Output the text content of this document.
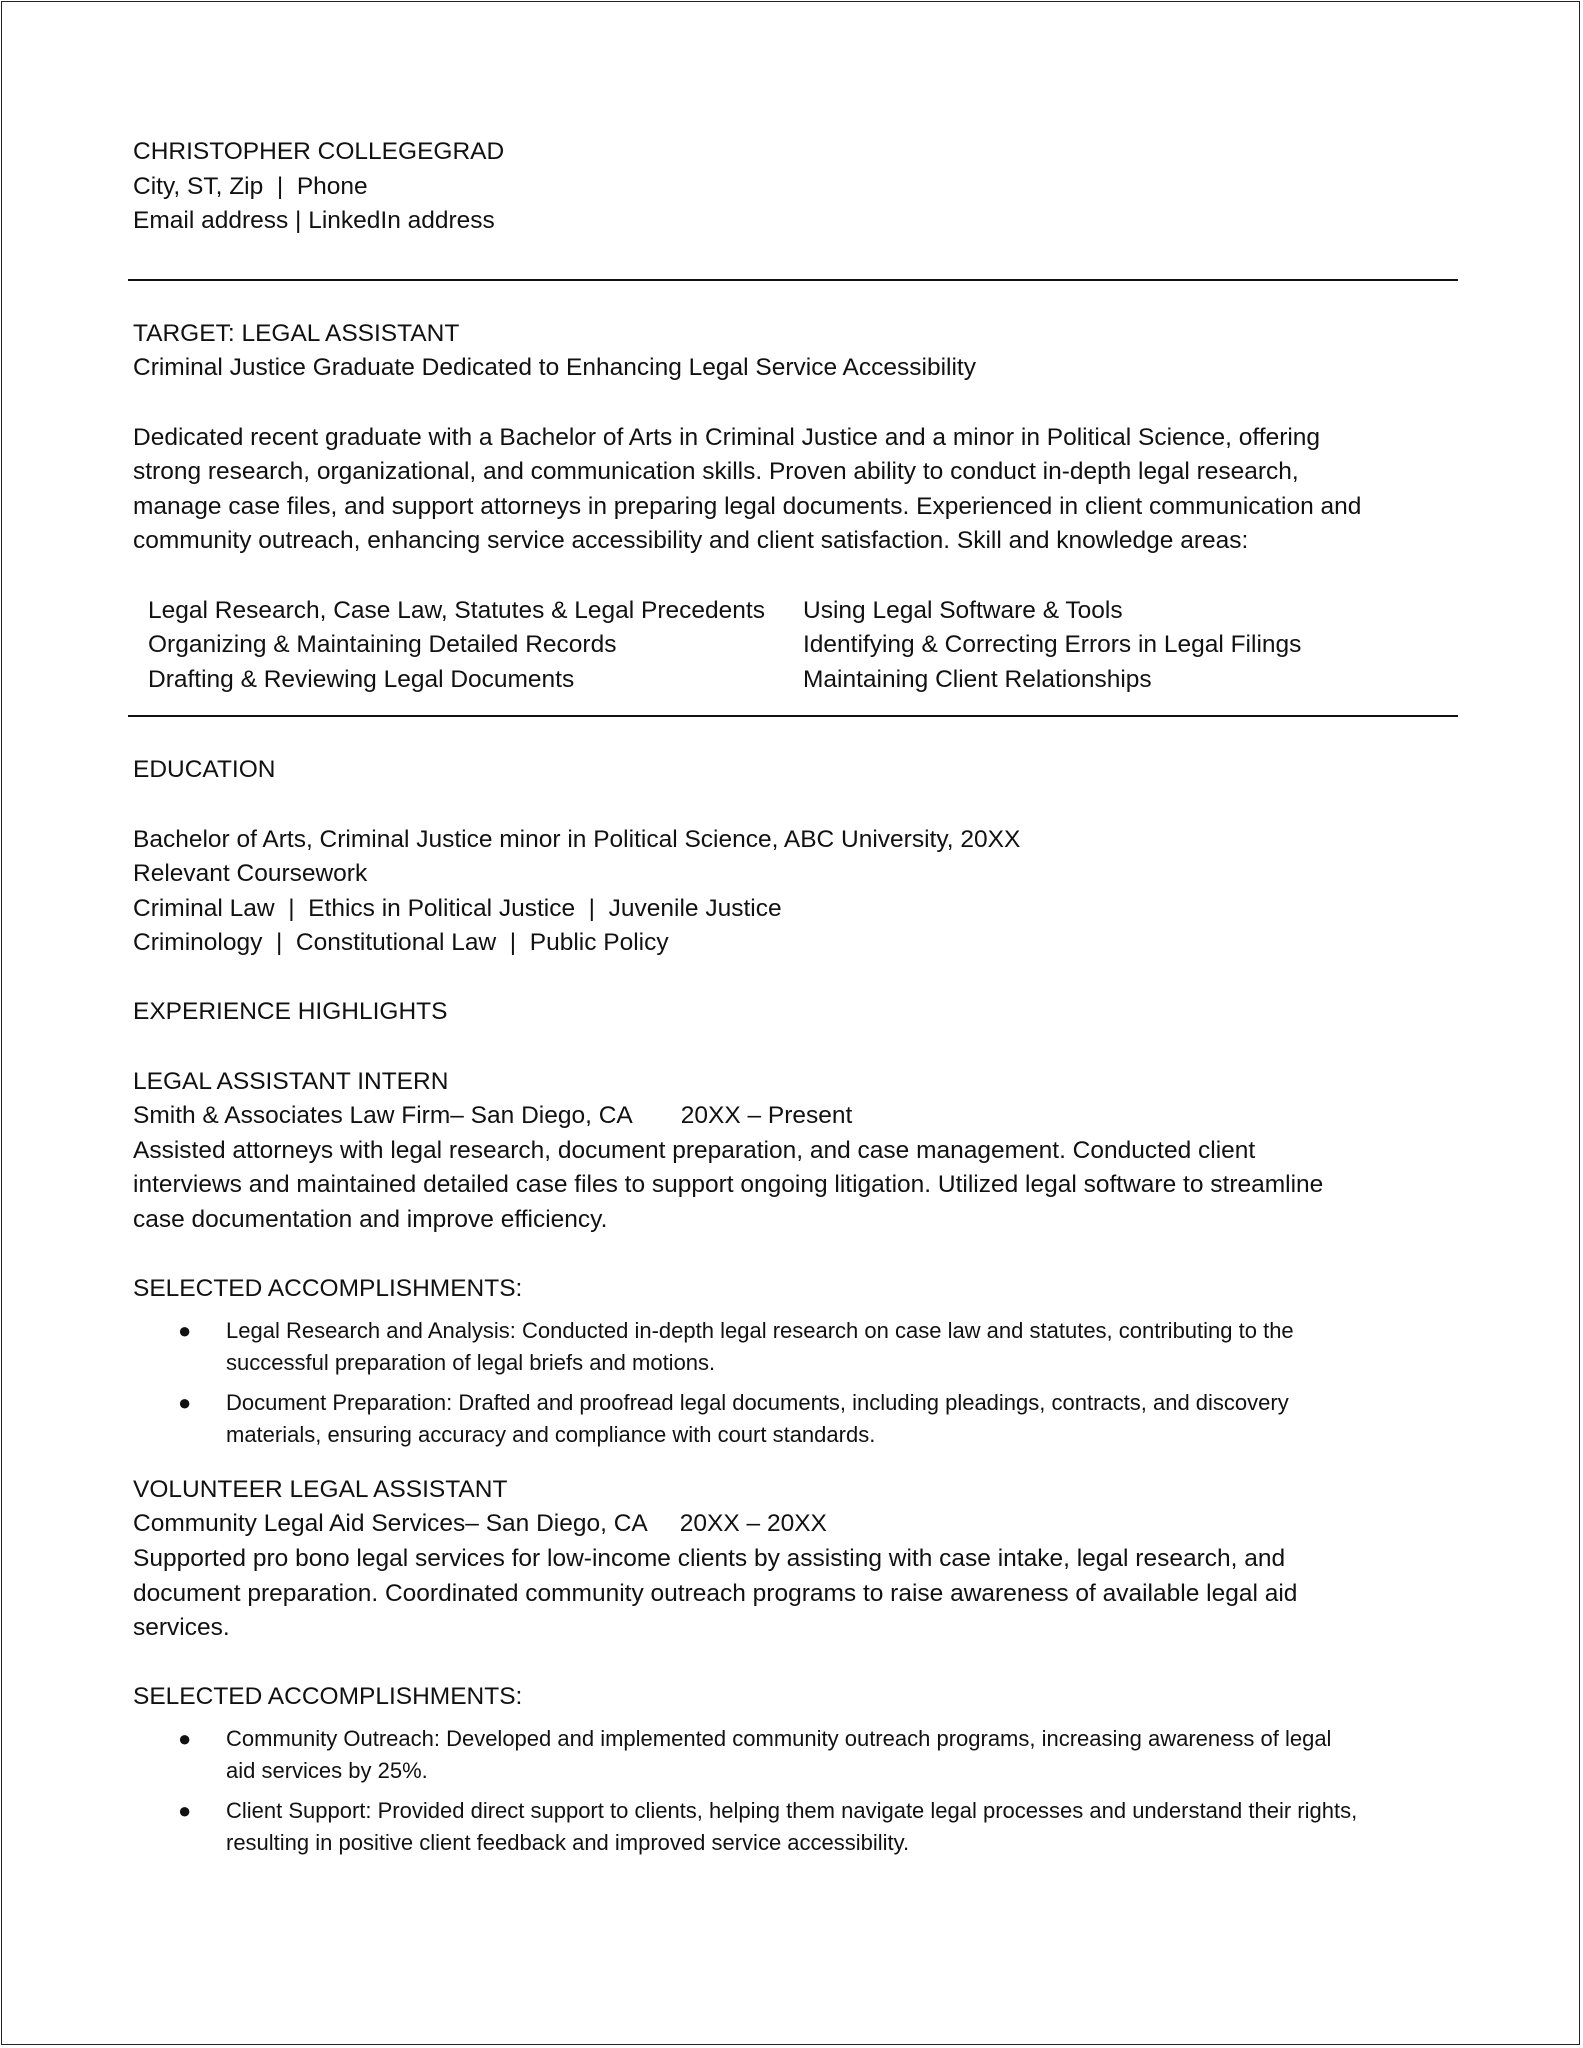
CHRISTOPHER COLLEGEGRAD
City, ST, Zip  |  Phone
Email address | LinkedIn address
TARGET: LEGAL ASSISTANT
Criminal Justice Graduate Dedicated to Enhancing Legal Service Accessibility
Dedicated recent graduate with a Bachelor of Arts in Criminal Justice and a minor in Political Science, offering
strong research, organizational, and communication skills. Proven ability to conduct in-depth legal research,
manage case files, and support attorneys in preparing legal documents. Experienced in client communication and
community outreach, enhancing service accessibility and client satisfaction. Skill and knowledge areas:
Legal Research, Case Law, Statutes & Legal Precedents
Organizing & Maintaining Detailed Records
Drafting & Reviewing Legal Documents
Using Legal Software & Tools
Identifying & Correcting Errors in Legal Filings
Maintaining Client Relationships
EDUCATION
Bachelor of Arts, Criminal Justice minor in Political Science, ABC University, 20XX
Relevant Coursework
Criminal Law  |  Ethics in Political Justice  |  Juvenile Justice
Criminology  |  Constitutional Law  |  Public Policy
EXPERIENCE HIGHLIGHTS
LEGAL ASSISTANT INTERN
Smith & Associates Law Firm– San Diego, CA 20XX – Present
Assisted attorneys with legal research, document preparation, and case management. Conducted client
interviews and maintained detailed case files to support ongoing litigation. Utilized legal software to streamline
case documentation and improve efficiency.
SELECTED ACCOMPLISHMENTS:
● Legal Research and Analysis: Conducted in-depth legal research on case law and statutes, contributing to the
successful preparation of legal briefs and motions.
● Document Preparation: Drafted and proofread legal documents, including pleadings, contracts, and discovery
materials, ensuring accuracy and compliance with court standards.
VOLUNTEER LEGAL ASSISTANT
Community Legal Aid Services– San Diego, CA 20XX – 20XX
Supported pro bono legal services for low-income clients by assisting with case intake, legal research, and
document preparation. Coordinated community outreach programs to raise awareness of available legal aid
services.
SELECTED ACCOMPLISHMENTS:
● Community Outreach: Developed and implemented community outreach programs, increasing awareness of legal
aid services by 25%.
● Client Support: Provided direct support to clients, helping them navigate legal processes and understand their rights,
resulting in positive client feedback and improved service accessibility.
